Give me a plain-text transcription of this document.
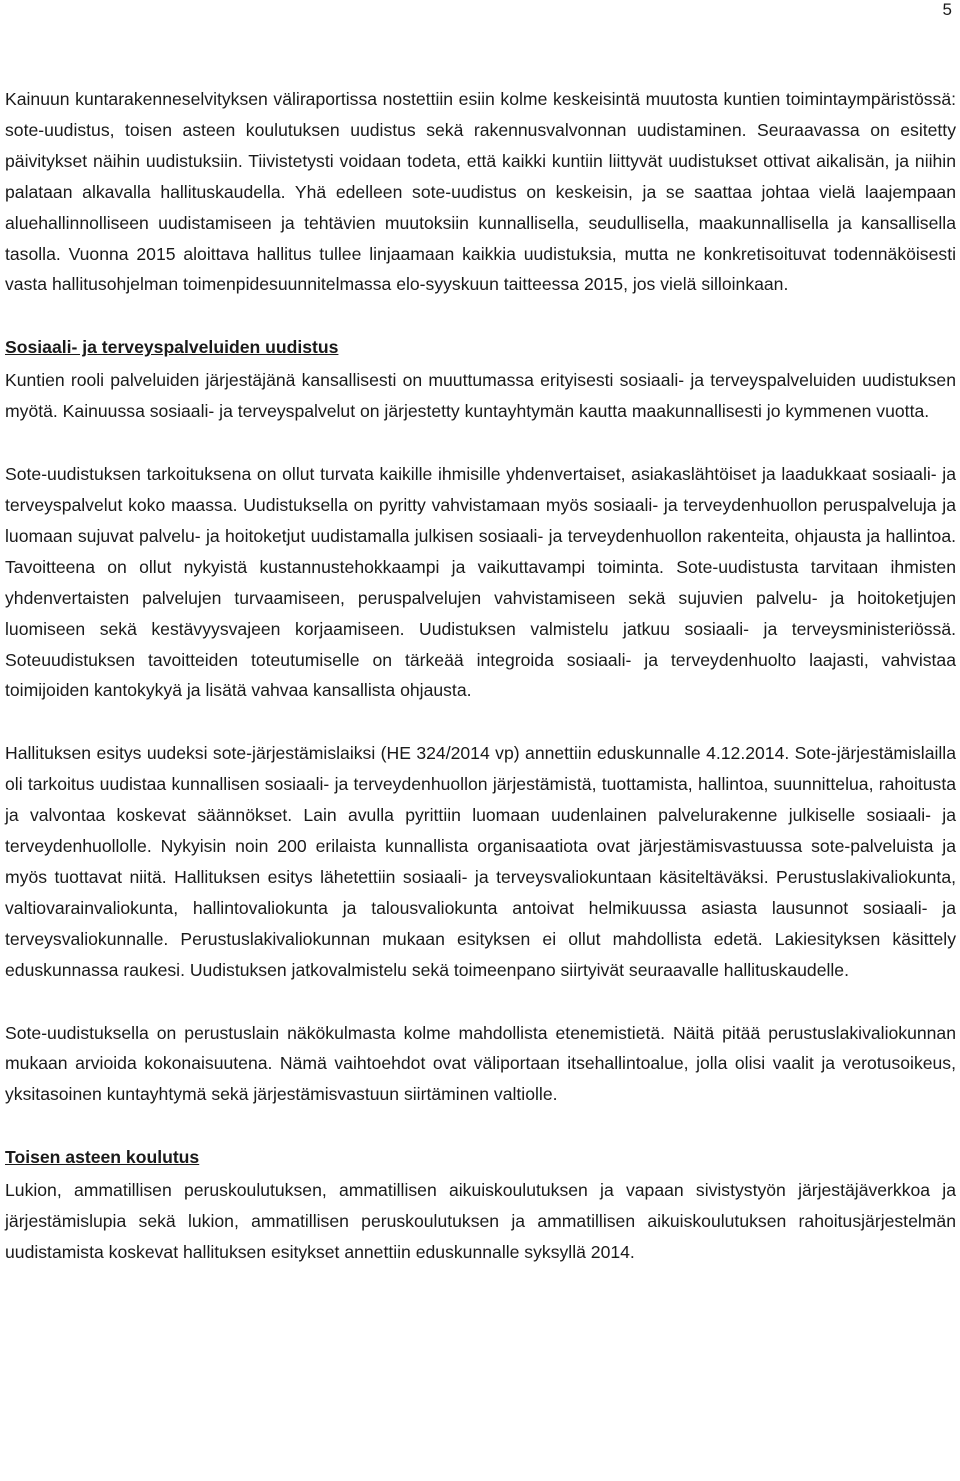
5

Kainuun kuntarakenneselvityksen väliraportissa nostettiin esiin kolme keskeisintä muutosta kuntien toimintaympäristössä: sote-uudistus, toisen asteen koulutuksen uudistus sekä rakennusvalvonnan uudistaminen. Seuraavassa on esitetty päivitykset näihin uudistuksiin. Tiivistetysti voidaan todeta, että kaikki kuntiin liittyvät uudistukset ottivat aikalisän, ja niihin palataan alkavalla hallituskaudella. Yhä edelleen sote-uudistus on keskeisin, ja se saattaa johtaa vielä laajempaan aluehallinnolliseen uudistamiseen ja tehtävien muutoksiin kunnallisella, seudullisella, maakunnallisella ja kansallisella tasolla. Vuonna 2015 aloittava hallitus tullee linjaamaan kaikkia uudistuksia, mutta ne konkretisoituvat todennäköisesti vasta hallitusohjelman toimenpidesuunnitelmassa elo-syyskuun taitteessa 2015, jos vielä silloinkaan.

Sosiaali- ja terveyspalveluiden uudistus

Kuntien rooli palveluiden järjestäjänä kansallisesti on muuttumassa erityisesti sosiaali- ja terveyspalveluiden uudistuksen myötä. Kainuussa sosiaali- ja terveyspalvelut on järjestetty kuntayhtymän kautta maakunnallisesti jo kymmenen vuotta.

Sote-uudistuksen tarkoituksena on ollut turvata kaikille ihmisille yhdenvertaiset, asiakaslähtöiset ja laadukkaat sosiaali- ja terveyspalvelut koko maassa. Uudistuksella on pyritty vahvistamaan myös sosiaali- ja terveydenhuollon peruspalveluja ja luomaan sujuvat palvelu- ja hoitoketjut uudistamalla julkisen sosiaali- ja terveydenhuollon rakenteita, ohjausta ja hallintoa. Tavoitteena on ollut nykyistä kustannustehokkaampi ja vaikuttavampi toiminta. Sote-uudistusta tarvitaan ihmisten yhdenvertaisten palvelujen turvaamiseen, peruspalvelujen vahvistamiseen sekä sujuvien palvelu- ja hoitoketjujen luomiseen sekä kestävyysvajeen korjaamiseen. Uudistuksen valmistelu jatkuu sosiaali- ja terveysministeriössä. Soteuudistuksen tavoitteiden toteutumiselle on tärkeää integroida sosiaali- ja terveydenhuolto laajasti, vahvistaa toimijoiden kantokykyä ja lisätä vahvaa kansallista ohjausta.

Hallituksen esitys uudeksi sote-järjestämislaiksi (HE 324/2014 vp) annettiin eduskunnalle 4.12.2014. Sote-järjestämislailla oli tarkoitus uudistaa kunnallisen sosiaali- ja terveydenhuollon järjestämistä, tuottamista, hallintoa, suunnittelua, rahoitusta ja valvontaa koskevat säännökset. Lain avulla pyrittiin luomaan uudenlainen palvelurakenne julkiselle sosiaali- ja terveydenhuollolle. Nykyisin noin 200 erilaista kunnallista organisaatiota ovat järjestämisvastuussa sote-palveluista ja myös tuottavat niitä. Hallituksen esitys lähetettiin sosiaali- ja terveysvaliokuntaan käsiteltäväksi. Perustuslakivaliokunta, valtiovarainvaliokunta, hallintovaliokunta ja talousvaliokunta antoivat helmikuussa asiasta lausunnot sosiaali- ja terveysvaliokunnalle. Perustuslakivaliokunnan mukaan esityksen ei ollut mahdollista edetä. Lakiesityksen käsittely eduskunnassa raukesi. Uudistuksen jatkovalmistelu sekä toimeenpano siirtyivät seuraavalle hallituskaudelle.

Sote-uudistuksella on perustuslain näkökulmasta kolme mahdollista etenemistietä. Näitä pitää perustuslakivaliokunnan mukaan arvioida kokonaisuutena. Nämä vaihtoehdot ovat väliportaan itsehallintoalue, jolla olisi vaalit ja verotusoikeus, yksitasoinen kuntayhtymä sekä järjestämisvastuun siirtäminen valtiolle.

Toisen asteen koulutus

Lukion, ammatillisen peruskoulutuksen, ammatillisen aikuiskoulutuksen ja vapaan sivistystyön järjestäjäverkkoa ja järjestämislupia sekä lukion, ammatillisen peruskoulutuksen ja ammatillisen aikuiskoulutuksen rahoitusjärjestelmän uudistamista koskevat hallituksen esitykset annettiin eduskunnalle syksyllä 2014.
